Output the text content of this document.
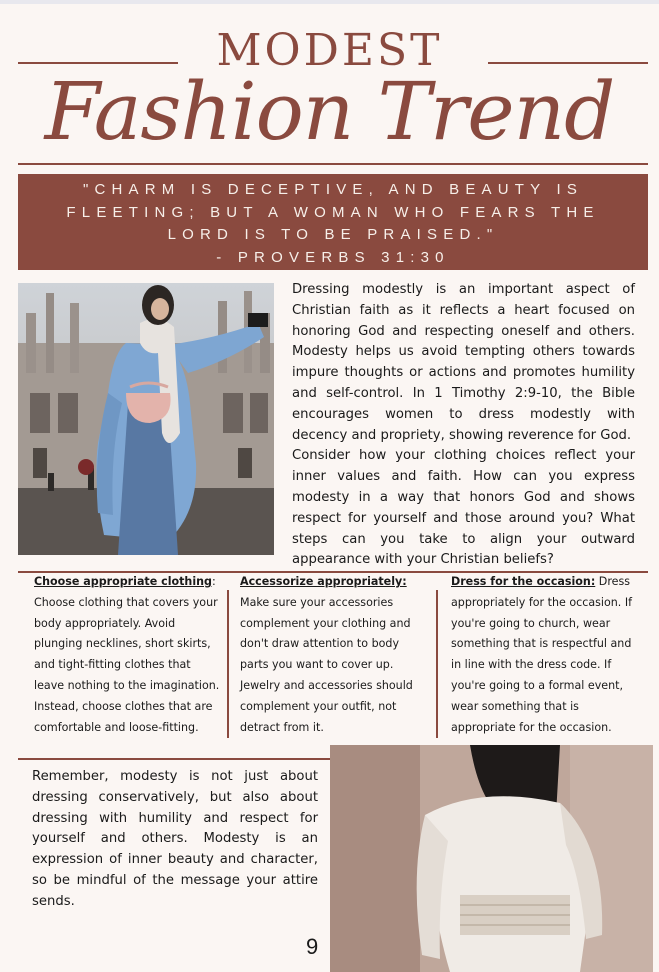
MODEST
Fashion Trend
"CHARM IS DECEPTIVE, AND BEAUTY IS
FLEETING; BUT A WOMAN WHO FEARS THE
LORD IS TO BE PRAISED."
- PROVERBS 31:30

Dressing modestly is an important aspect of Christian faith as it reflects a heart focused on honoring God and respecting oneself and others. Modesty helps us avoid tempting others towards impure thoughts or actions and promotes humility and self-control. In 1 Timothy 2:9-10, the Bible encourages women to dress modestly with decency and propriety, showing reverence for God.

Consider how your clothing choices reflect your inner values and faith. How can you express modesty in a way that honors God and shows respect for yourself and those around you? What steps can you take to align your outward appearance with your Christian beliefs?

Choose appropriate clothing:
Choose clothing that covers your body appropriately. Avoid plunging necklines, short skirts, and tight-fitting clothes that leave nothing to the imagination. Instead, choose clothes that are comfortable and loose-fitting.
Accessorize appropriately:
Make sure your accessories complement your clothing and don't draw attention to body parts you want to cover up. Jewelry and accessories should complement your outfit, not detract from it.
Dress for the occasion: Dress appropriately for the occasion. If you're going to church, wear something that is respectful and in line with the dress code. If you're going to a formal event, wear something that is appropriate for the occasion.
Remember, modesty is not just about dressing conservatively, but also about dressing with humility and respect for yourself and others. Modesty is an expression of inner beauty and character, so be mindful of the message your attire sends.
9
